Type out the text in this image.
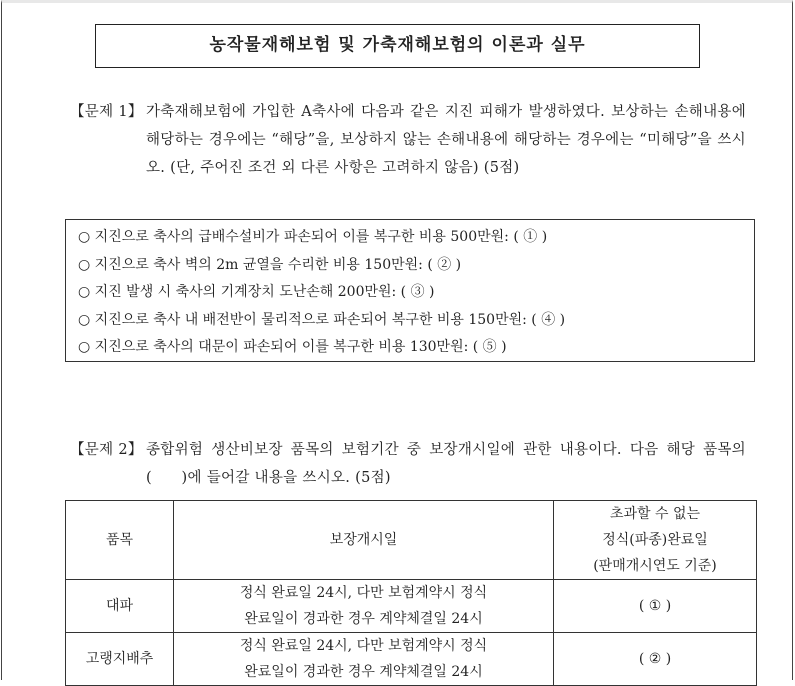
농작물재해보험 및 가축재해보험의 이론과 실무
【문제 1】 가축재해보험에 가입한 A축사에 다음과 같은 지진 피해가 발생하였다. 보상하는 손해내용에 해당하는 경우에는 “해당”을, 보상하지 않는 손해내용에 해당하는 경우에는 “미해당”을 쓰시오. (단, 주어진 조건 외 다른 사항은 고려하지 않음) (5점)
○ 지진으로 축사의 급배수설비가 파손되어 이를 복구한 비용 500만원: ( ① )
○ 지진으로 축사 벽의 2m 균열을 수리한 비용 150만원: ( ② )
○ 지진 발생 시 축사의 기계장치 도난손해 200만원: ( ③ )
○ 지진으로 축사 내 배전반이 물리적으로 파손되어 복구한 비용 150만원: ( ④ )
○ 지진으로 축사의 대문이 파손되어 이를 복구한 비용 130만원: ( ⑤ )
【문제 2】 종합위험 생산비보장 품목의 보험기간 중 보장개시일에 관한 내용이다. 다음 해당 품목의 (　　)에 들어갈 내용을 쓰시오. (5점)
품목	보장개시일	초과할 수 없는
정식(파종)완료일
(판매개시연도 기준)

대파	정식 완료일 24시, 다만 보험계약시 정식
완료일이 경과한 경우 계약체결일 24시	( ① )
고랭지배추	정식 완료일 24시, 다만 보험계약시 정식
완료일이 경과한 경우 계약체결일 24시	( ② )
